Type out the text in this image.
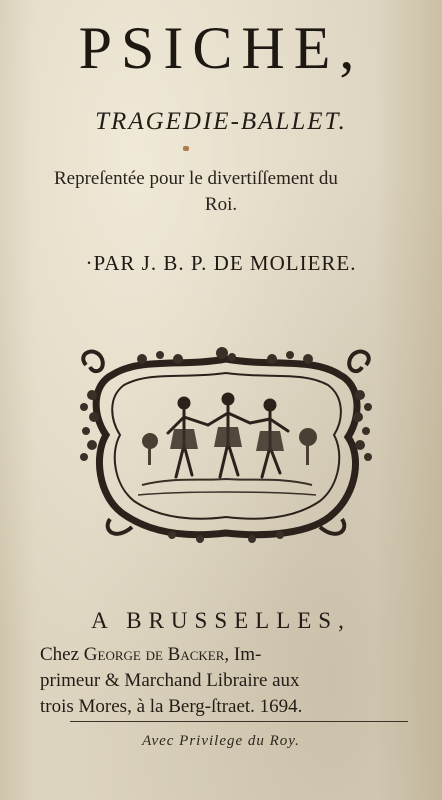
PSICHE,
TRAGEDIE-BALLET.
Repreſentée pour le divertiſſement du
Roi.
·PAR J. B. P. DE MOLIERE.
A BRUSSELLES,
Chez George de Backer, Im-
primeur & Marchand Libraire aux
trois Mores, à la Berg-ſtraet. 1694.
Avec Privilege du Roy.
